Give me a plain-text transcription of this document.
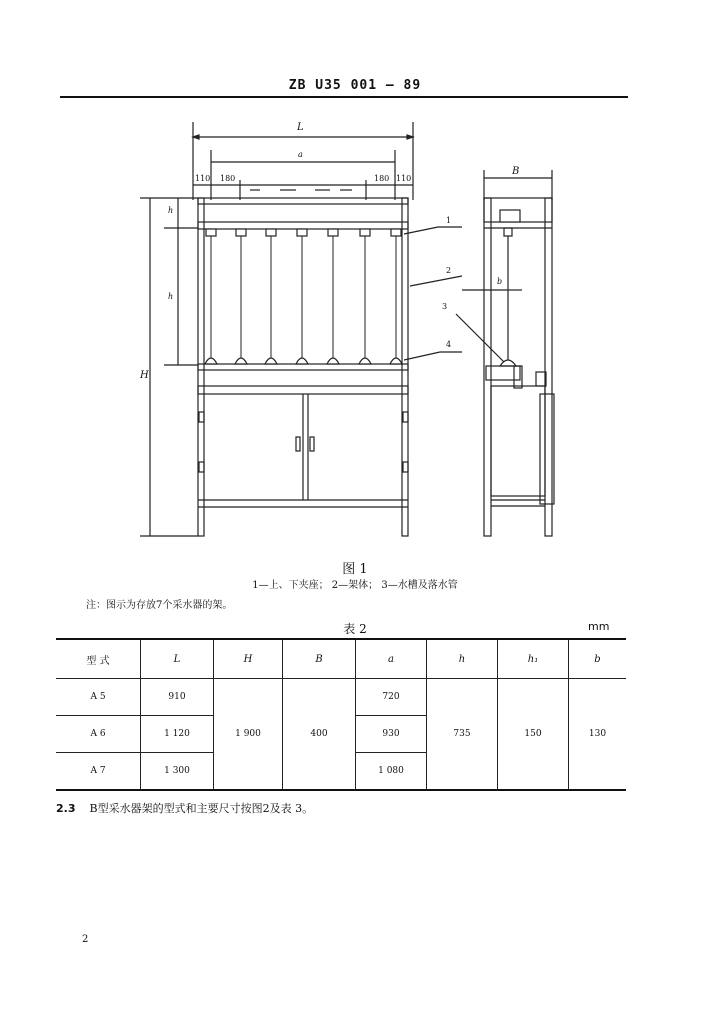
ZB U35 001 — 89
L
a
110 180	180 110
h
h
H
B
b
1
2
3
4
图 1
1—上、下夹座； 2—架体； 3—水槽及落水管
注：图示为存放7个采水器的架。
表 2	mm
型 式	L	H	B	a	h	h₁	b
A 5	910	1 900	400	720	735	150	130
A 6	1 120			930			
A 7	1 300			1 080			
2.3 B型采水器架的型式和主要尺寸按图2及表 3。
2
